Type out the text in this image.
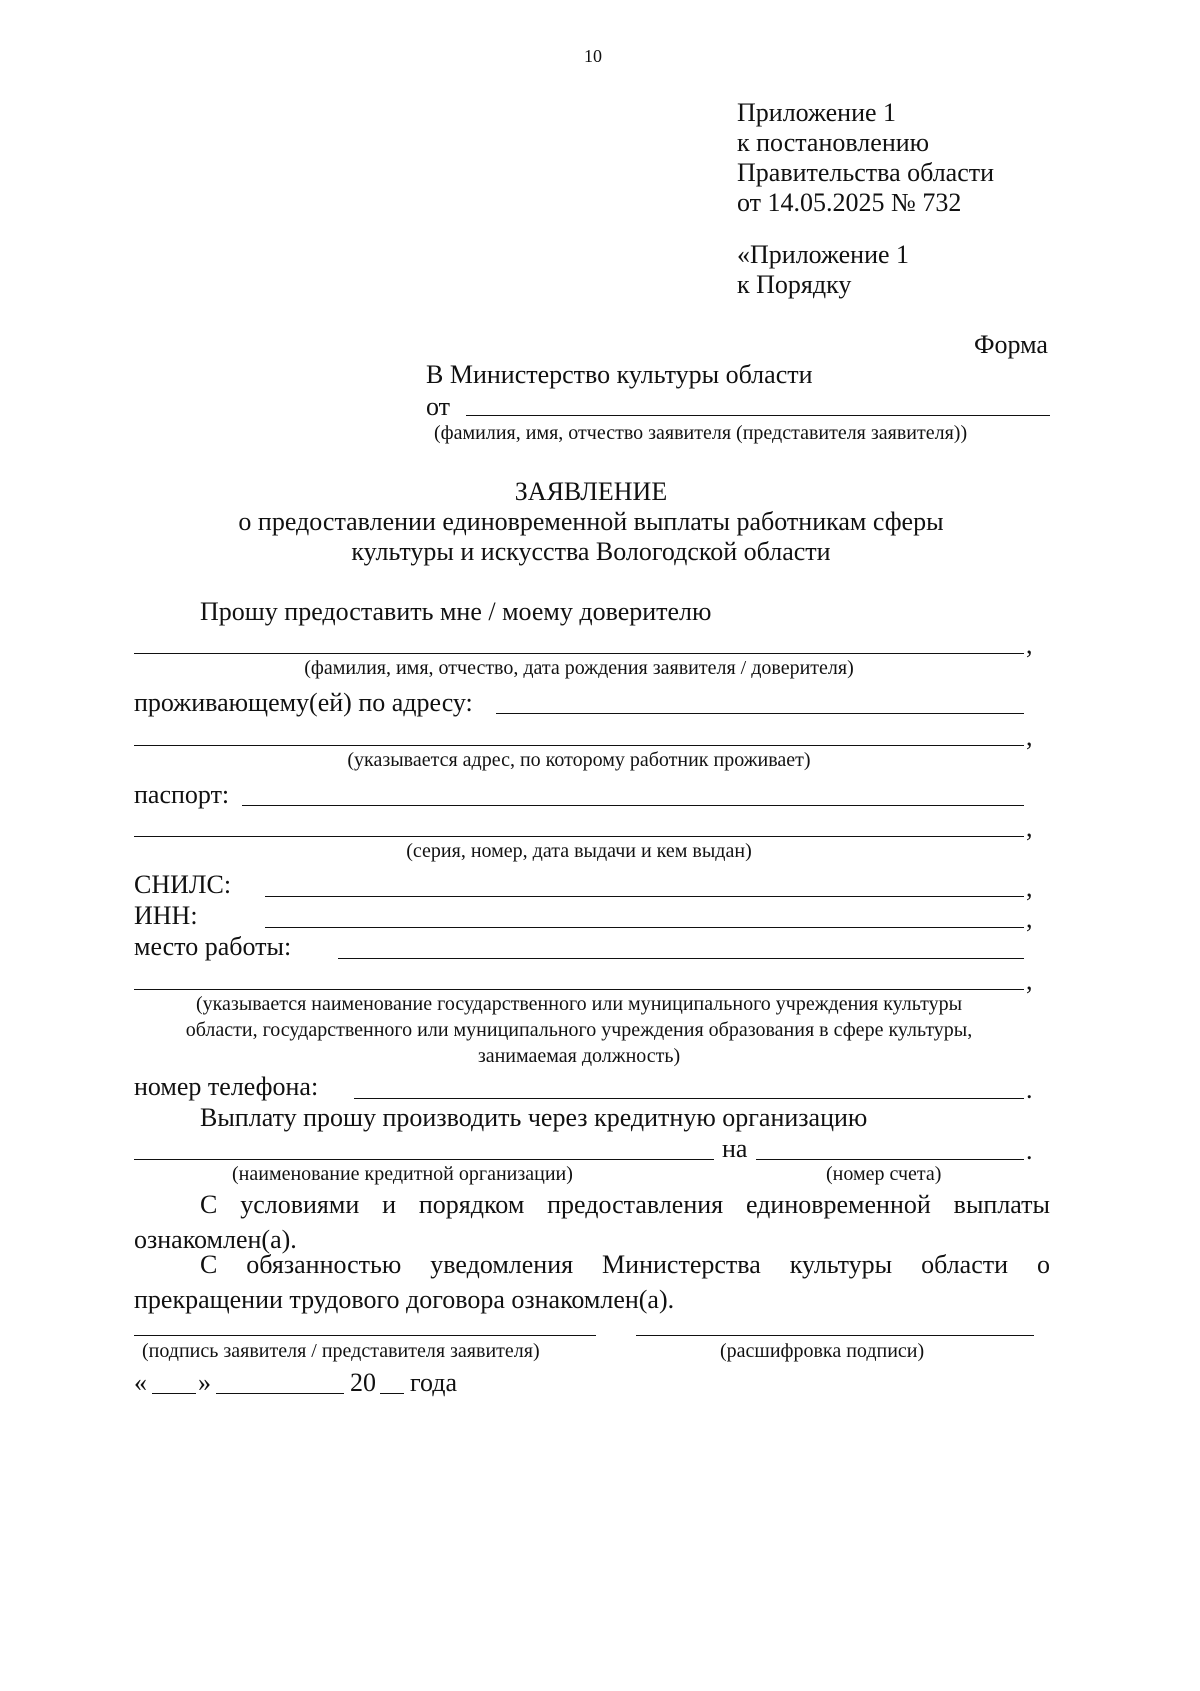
10
Приложение 1
к постановлению
Правительства области
от 14.05.2025 № 732
«Приложение 1
к Порядку
Форма
В Министерство культуры области
от
(фамилия, имя, отчество заявителя (представителя заявителя))
ЗАЯВЛЕНИЕ
о предоставлении единовременной выплаты работникам сферы
культуры и искусства Вологодской области
Прошу предоставить мне / моему доверителю
,
(фамилия, имя, отчество, дата рождения заявителя / доверителя)
проживающему(ей) по адресу:
,
(указывается адрес, по которому работник проживает)
паспорт:
,
(серия, номер, дата выдачи и кем выдан)
СНИЛС:	,
ИНН:	,
место работы:
,
(указывается наименование государственного или муниципального учреждения культуры
области, государственного или муниципального учреждения образования в сфере культуры,
занимаемая должность)
номер телефона:	.
Выплату прошу производить через кредитную организацию
на	.
(наименование кредитной организации)	(номер счета)
С условиями и порядком предоставления единовременной выплаты ознакомлен(а).
С обязанностью уведомления Министерства культуры области о прекращении трудового договора ознакомлен(а).
(подпись заявителя / представителя заявителя)	(расшифровка подписи)
« »	20 года
